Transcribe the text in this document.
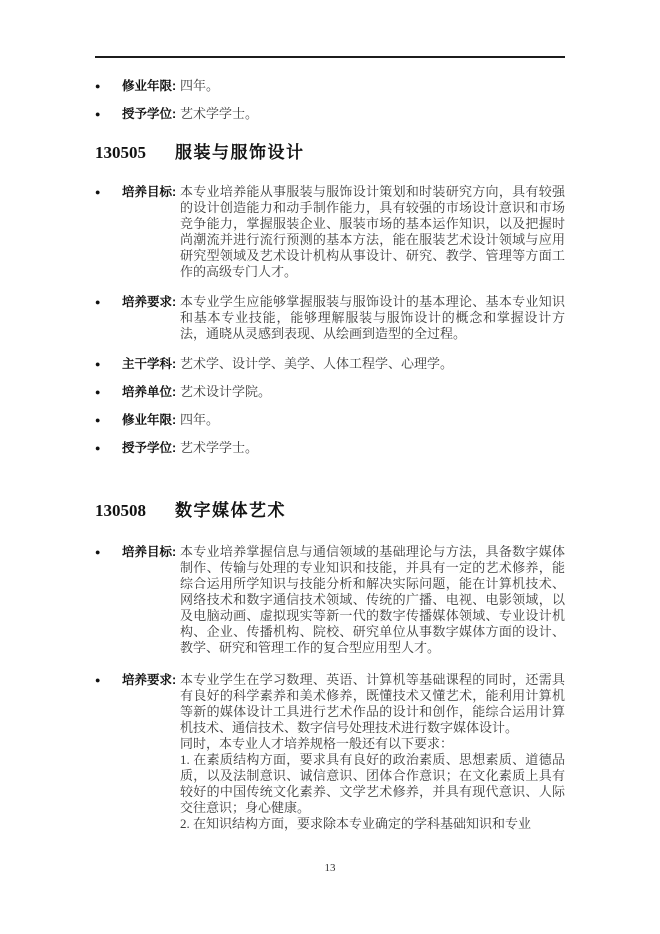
●	修业年限: 四年。
●	授予学位: 艺术学学士。
130505	服装与服饰设计
●	培养目标: 本专业培养能从事服装与服饰设计策划和时装研究方向，具有较强的设计创造能力和动手制作能力，具有较强的市场设计意识和市场竞争能力，掌握服装企业、服装市场的基本运作知识，以及把握时尚潮流并进行流行预测的基本方法，能在服装艺术设计领域与应用研究型领域及艺术设计机构从事设计、研究、教学、管理等方面工作的高级专门人才。
●	培养要求: 本专业学生应能够掌握服装与服饰设计的基本理论、基本专业知识和基本专业技能，能够理解服装与服饰设计的概念和掌握设计方法，通晓从灵感到表现、从绘画到造型的全过程。
●	主干学科: 艺术学、设计学、美学、人体工程学、心理学。
●	培养单位: 艺术设计学院。
●	修业年限: 四年。
●	授予学位: 艺术学学士。
130508	数字媒体艺术
●	培养目标: 本专业培养掌握信息与通信领域的基础理论与方法，具备数字媒体制作、传输与处理的专业知识和技能，并具有一定的艺术修养，能综合运用所学知识与技能分析和解决实际问题，能在计算机技术、网络技术和数字通信技术领域、传统的广播、电视、电影领域，以及电脑动画、虚拟现实等新一代的数字传播媒体领域、专业设计机构、企业、传播机构、院校、研究单位从事数字媒体方面的设计、教学、研究和管理工作的复合型应用型人才。
●	培养要求: 本专业学生在学习数理、英语、计算机等基础课程的同时，还需具有良好的科学素养和美术修养，既懂技术又懂艺术，能利用计算机等新的媒体设计工具进行艺术作品的设计和创作，能综合运用计算机技术、通信技术、数字信号处理技术进行数字媒体设计。

同时，本专业人才培养规格一般还有以下要求：

1. 在素质结构方面，要求具有良好的政治素质、思想素质、道德品质，以及法制意识、诚信意识、团体合作意识；在文化素质上具有较好的中国传统文化素养、文学艺术修养，并具有现代意识、人际交往意识；身心健康。

2. 在知识结构方面，要求除本专业确定的学科基础知识和专业

13
